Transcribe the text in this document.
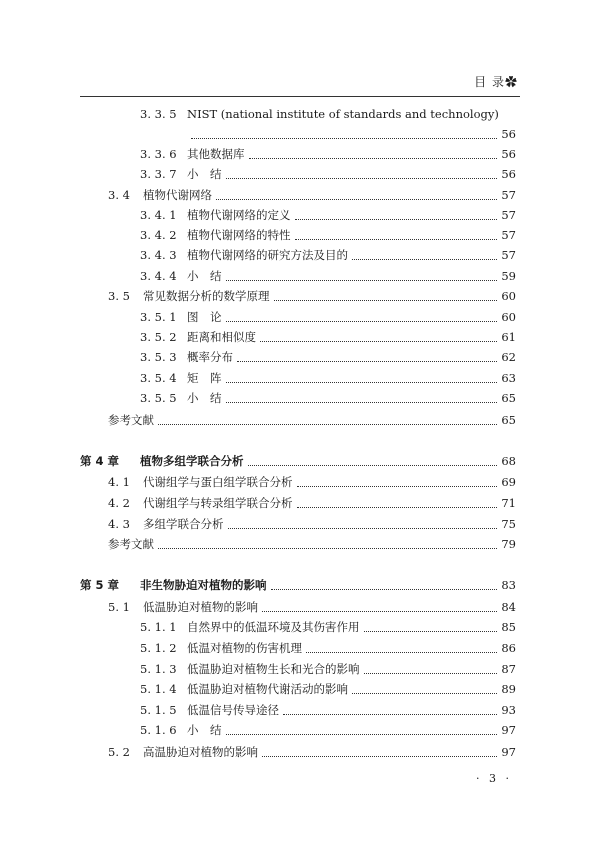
目 录✿
3. 3. 5 NIST (national institute of standards and technology)
56
3. 3. 6 其他数据库	56
3. 3. 7 小　结	56
3. 4 植物代谢网络	57
3. 4. 1 植物代谢网络的定义	57
3. 4. 2 植物代谢网络的特性	57
3. 4. 3 植物代谢网络的研究方法及目的	57
3. 4. 4 小　结	59
3. 5 常见数据分析的数学原理	60
3. 5. 1 图　论	60
3. 5. 2 距离和相似度	61
3. 5. 3 概率分布	62
3. 5. 4 矩　阵	63
3. 5. 5 小　结	65
参考文献	65
第 4 章 植物多组学联合分析	68
4. 1 代谢组学与蛋白组学联合分析	69
4. 2 代谢组学与转录组学联合分析	71
4. 3 多组学联合分析	75
参考文献	79
第 5 章 非生物胁迫对植物的影响	83
5. 1 低温胁迫对植物的影响	84
5. 1. 1 自然界中的低温环境及其伤害作用	85
5. 1. 2 低温对植物的伤害机理	86
5. 1. 3 低温胁迫对植物生长和光合的影响	87
5. 1. 4 低温胁迫对植物代谢活动的影响	89
5. 1. 5 低温信号传导途径	93
5. 1. 6 小　结	97
5. 2 高温胁迫对植物的影响	97
· 3 ·
